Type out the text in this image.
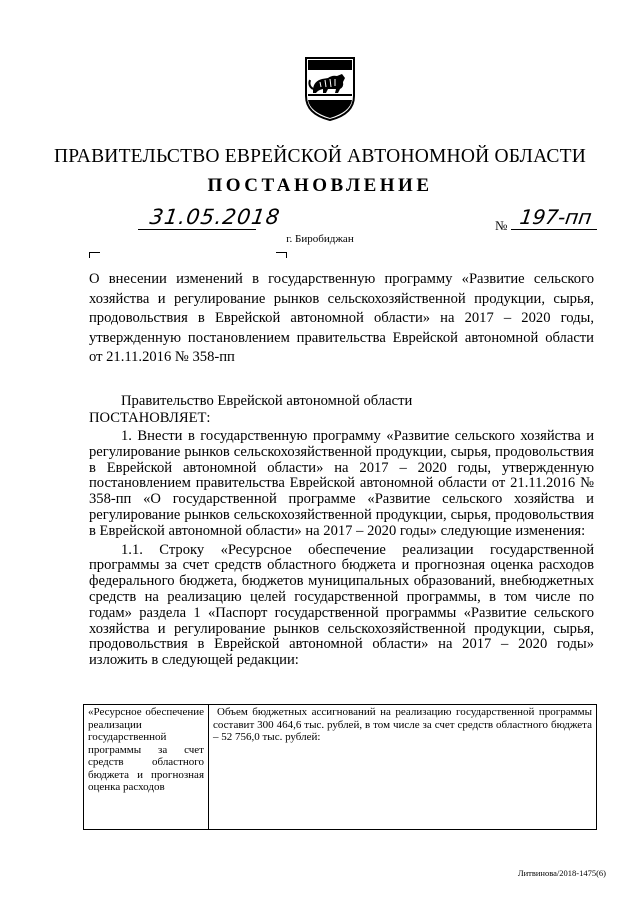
ПРАВИТЕЛЬСТВО ЕВРЕЙСКОЙ АВТОНОМНОЙ ОБЛАСТИ
ПОСТАНОВЛЕНИЕ
31.05.2018	№ 197-пп
г. Биробиджан
О внесении изменений в государственную программу «Развитие сельского хозяйства и регулирование рынков сельскохозяйственной продукции, сырья, продовольствия в Еврейской автономной области» на 2017 – 2020 годы, утвержденную постановлением правительства Еврейской автономной области от 21.11.2016 № 358-пп
Правительство Еврейской автономной области
ПОСТАНОВЛЯЕТ:

1. Внести в государственную программу «Развитие сельского хозяйства и регулирование рынков сельскохозяйственной продукции, сырья, продовольствия в Еврейской автономной области» на 2017 – 2020 годы, утвержденную постановлением правительства Еврейской автономной области от 21.11.2016 № 358-пп «О государственной программе «Развитие сельского хозяйства и регулирование рынков сельскохозяйственной продукции, сырья, продовольствия в Еврейской автономной области» на 2017 – 2020 годы» следующие изменения:

1.1. Строку «Ресурсное обеспечение реализации государственной программы за счет средств областного бюджета и прогнозная оценка расходов федерального бюджета, бюджетов муниципальных образований, внебюджетных средств на реализацию целей государственной программы, в том числе по годам» раздела 1 «Паспорт государственной программы «Развитие сельского хозяйства и регулирование рынков сельскохозяйственной продукции, сырья, продовольствия в Еврейской автономной области» на 2017 – 2020 годы» изложить в следующей редакции:

«Ресурсное обеспечение реализации государственной программы за счет средств областного бюджета и прогнозная оценка расходов	Объем бюджетных ассигнований на реализацию государственной программы составит 300 464,6 тыс. рублей, в том числе за счет средств областного бюджета – 52 756,0 тыс. рублей:
Литвинова/2018-1475(6)
